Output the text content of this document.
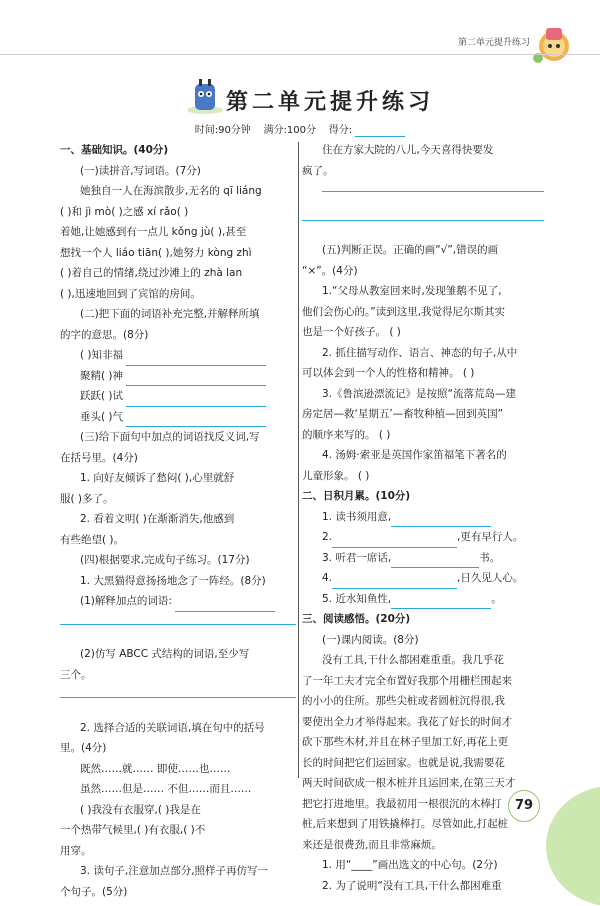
第二单元提升练习
第二单元提升练习
时间:90分钟 满分:100分 得分:
一、基础知识。(40分)
(一)读拼音,写词语。(7分)
她独自一人在海滨散步,无名的 qī liáng
( )和 jì mò( )之感 xí rǎo( )
着她,让她感到有一点儿 kǒng jù( ),甚至
想找一个人 liáo tiān( ),她努力 kòng zhì
( )着自己的情绪,绕过沙滩上的 zhà lan
( ),迅速地回到了宾馆的房间。
(二)把下面的词语补充完整,并解释所填
的字的意思。(8分)
( )知非福
聚精( )神
跃跃( )试
垂头( )气
(三)给下面句中加点的词语找反义词,写
在括号里。(4分)
1. 向好友倾诉了愁闷( ),心里就舒
服( )多了。
2. 看着文明( )在渐渐消失,他感到
有些绝望( )。
(四)根据要求,完成句子练习。(17分)
1. 大黑猫得意扬扬地念了一阵经。(8分)
(1)解释加点的词语:
(2)仿写 ABCC 式结构的词语,至少写
三个。
2. 选择合适的关联词语,填在句中的括号
里。(4分)
既然……就…… 即使……也……
虽然……但是…… 不但……而且……
( )我没有衣服穿,( )我是在
一个热带气候里,( )有衣服,( )不
用穿。
3. 读句子,注意加点部分,照样子再仿写一
个句子。(5分)
住在方家大院的八儿,今天喜得快要发
疯了。
(五)判断正误。正确的画“√”,错误的画
“×”。(4分)
1.“父母从教室回来时,发现雏鹅不见了,
他们会伤心的。”读到这里,我觉得尼尔斯其实
也是一个好孩子。 ( )
2. 抓住描写动作、语言、神态的句子,从中
可以体会到一个人的性格和精神。 ( )
3.《鲁滨逊漂流记》是按照“流落荒岛—建
房定居—救‘星期五’—畜牧种植—回到英国”
的顺序来写的。 ( )
4. 汤姆·索亚是英国作家笛福笔下著名的
儿童形象。 ( )
二、日积月累。(10分)
1. 读书须用意,
2.	,更有早行人。
3. 听君一席话,	书。
4.	,日久见人心。
5. 近水知鱼性,	。
三、阅读感悟。(20分)
(一)课内阅读。(8分)
没有工具,干什么都困难重重。我几乎花
了一年工夫才完全布置好我那个用栅栏围起来
的小小的住所。那些尖桩或者圆桩沉得很,我
要使出全力才举得起来。我花了好长的时间才
砍下那些木材,并且在林子里加工好,再花上更
长的时间把它们运回家。也就是说,我需要花
两天时间砍成一根木桩并且运回来,在第三天才
把它打进地里。我最初用一根很沉的木棒打
桩,后来想到了用铁撬棒打。尽管如此,打起桩
来还是很费劲,而且非常麻烦。
1. 用“____”画出选文的中心句。(2分)
2. 为了说明“没有工具,干什么都困难重
79
